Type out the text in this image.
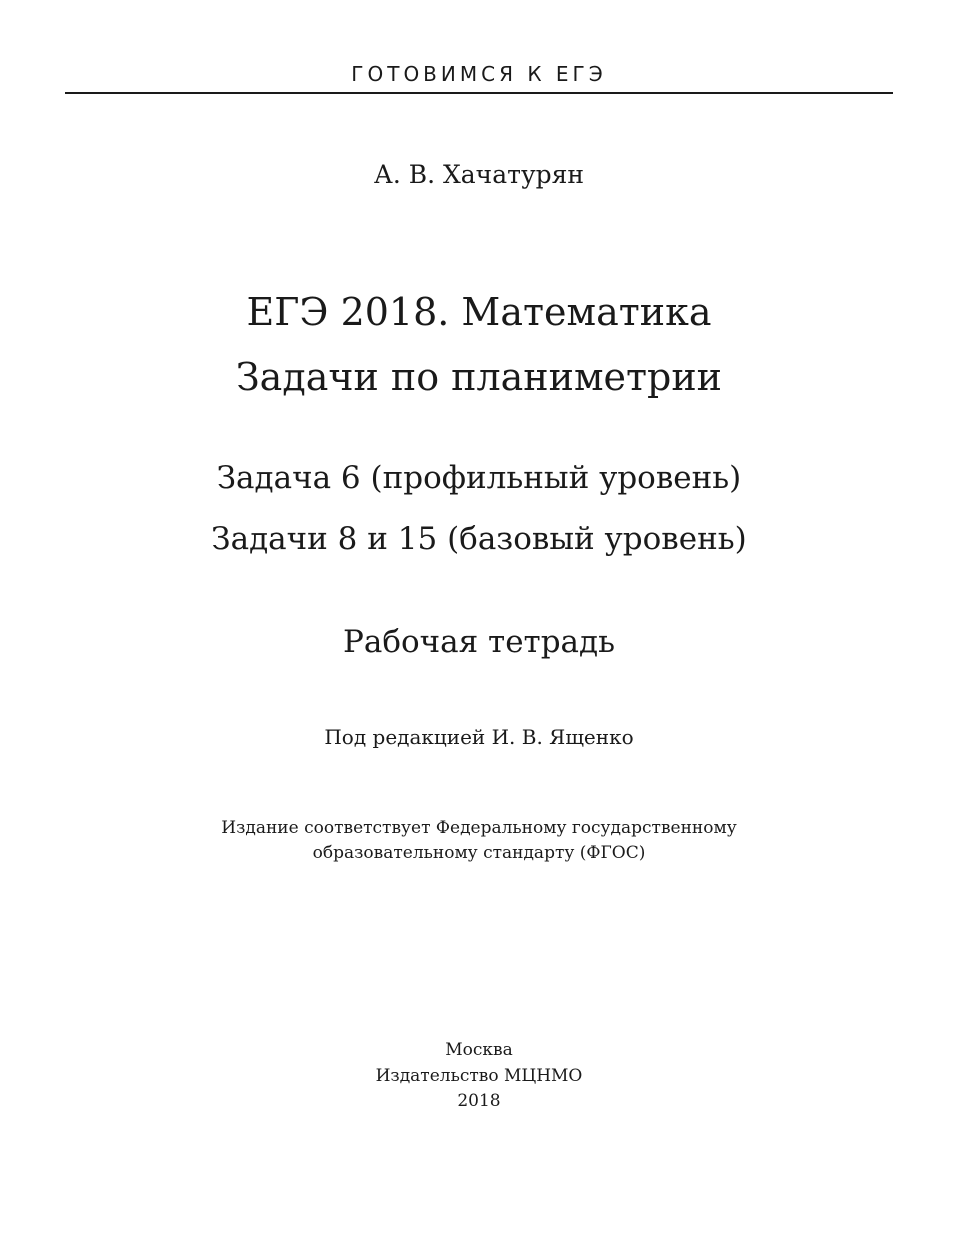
ГОТОВИМСЯ К ЕГЭ
А. В. Хачатурян
ЕГЭ 2018. Математика
Задачи по планиметрии
Задача 6 (профильный уровень)
Задачи 8 и 15 (базовый уровень)
Рабочая тетрадь
Под редакцией И. В. Ященко
Издание соответствует Федеральному государственному
образовательному стандарту (ФГОС)
Москва
Издательство МЦНМО
2018
